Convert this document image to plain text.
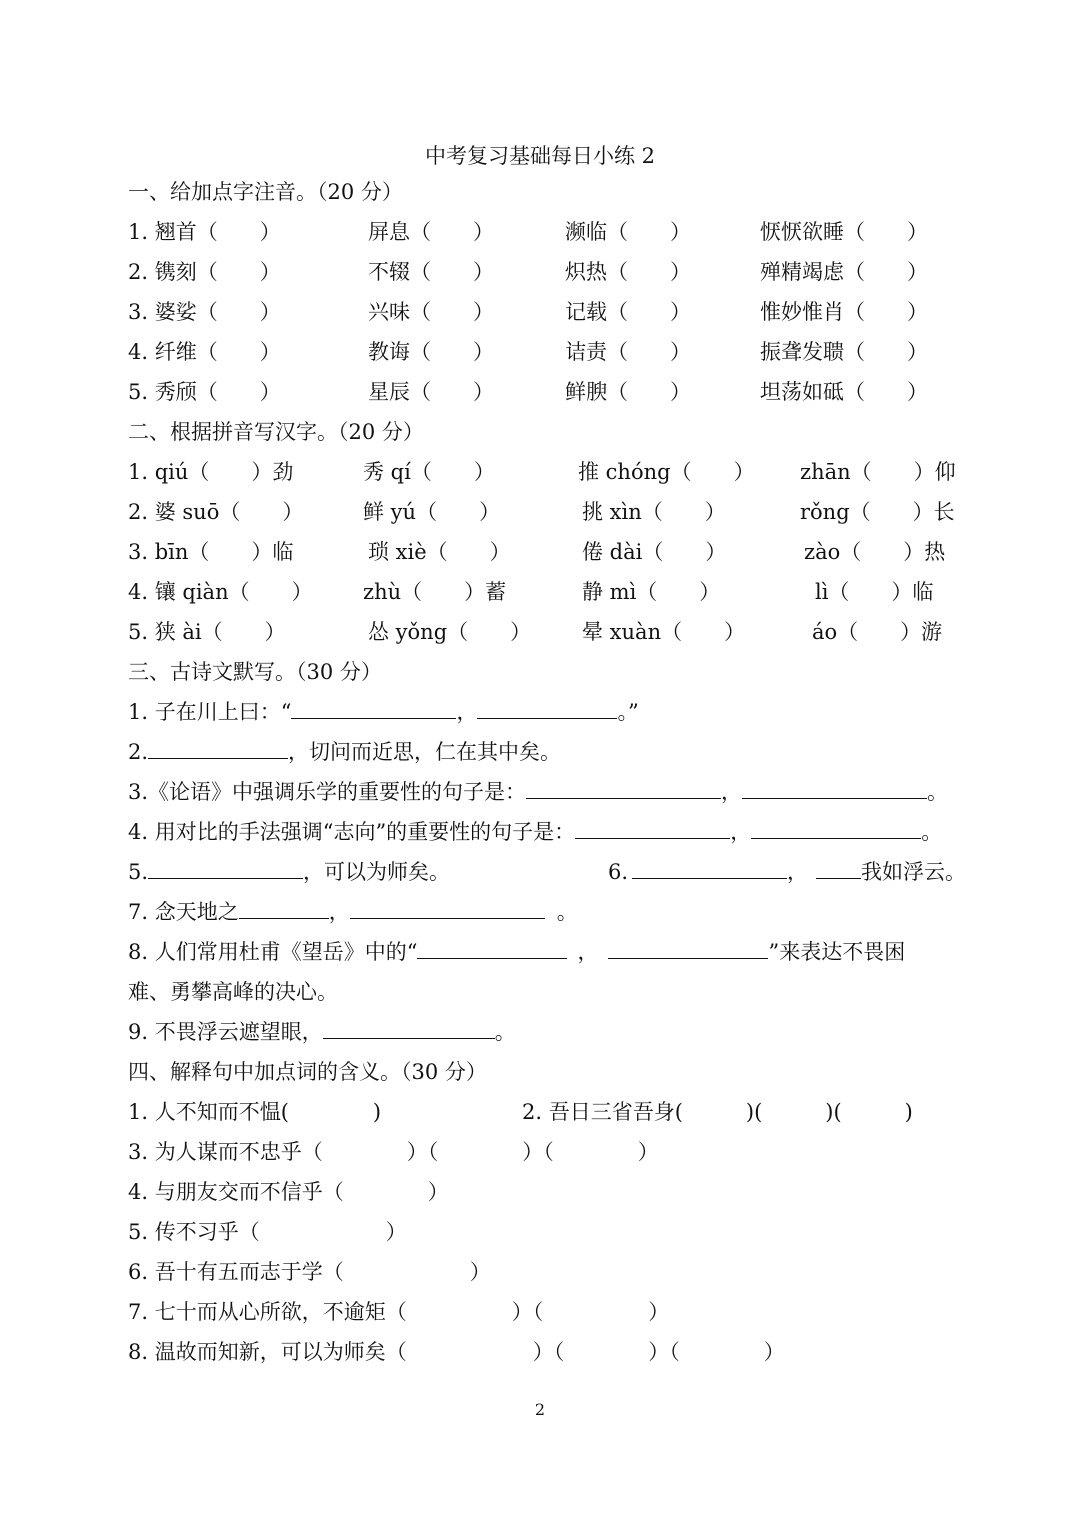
中考复习基础每日小练 2
一、给加点字注音。（20 分）
1. 翘首（　　）	屏息（　　）	濒临（　　）	恹恹欲睡（　　）
2. 镌刻（　　）	不辍（　　）	炽热（　　）	殚精竭虑（　　）
3. 婆娑（　　）	兴味（　　）	记载（　　）	惟妙惟肖（　　）
4. 纤维（　　）	教诲（　　）	诘责（　　）	振聋发聩（　　）
5. 秀颀（　　）	星辰（　　）	鲜腴（　　）	坦荡如砥（　　）
二、根据拼音写汉字。（20 分）
1. qiú（　　）劲	秀 qí（　　）	推 chóng（　　） zhān（　　）仰
2. 婆 suō（　　）	鲜 yú（　　）	挑 xìn（　　）	rǒng（　　）长
3. bīn（　　）临	琐 xiè（　　）	倦 dài（　　）	zào（　　）热
4. 镶 qiàn（　　） zhù（　　）蓄	静 mì（　　）	lì（　　）临
5. 狭 ài（　　）	怂 yǒng（　　） 晕 xuàn（　　）	áo（　　）游
三、古诗文默写。（30 分）
1. 子在川上曰：“	，	。”
2.	，切问而近思，仁在其中矣。
3.《论语》中强调乐学的重要性的句子是：	，	。
4. 用对比的手法强调“志向”的重要性的句子是：	，	。
5.	，可以为师矣。	6.	，	我如浮云。
7. 念天地之	，	。
8. 人们常用杜甫《望岳》中的“	，	”来表达不畏困
难、勇攀高峰的决心。
9. 不畏浮云遮望眼，	。
四、解释句中加点词的含义。（30 分）
1. 人不知而不愠(　　　　)	2. 吾日三省吾身(　　　)(　　　)(　　　)
3. 为人谋而不忠乎（　　　　）（　　　　）（　　　　）
4. 与朋友交而不信乎（　　　　）
5. 传不习乎（　　　　　　）
6. 吾十有五而志于学（　　　　　　）
7. 七十而从心所欲，不逾矩（　　　　　）（　　　　　）
8. 温故而知新，可以为师矣（　　　　　　）（　　　　）（　　　　）
2
